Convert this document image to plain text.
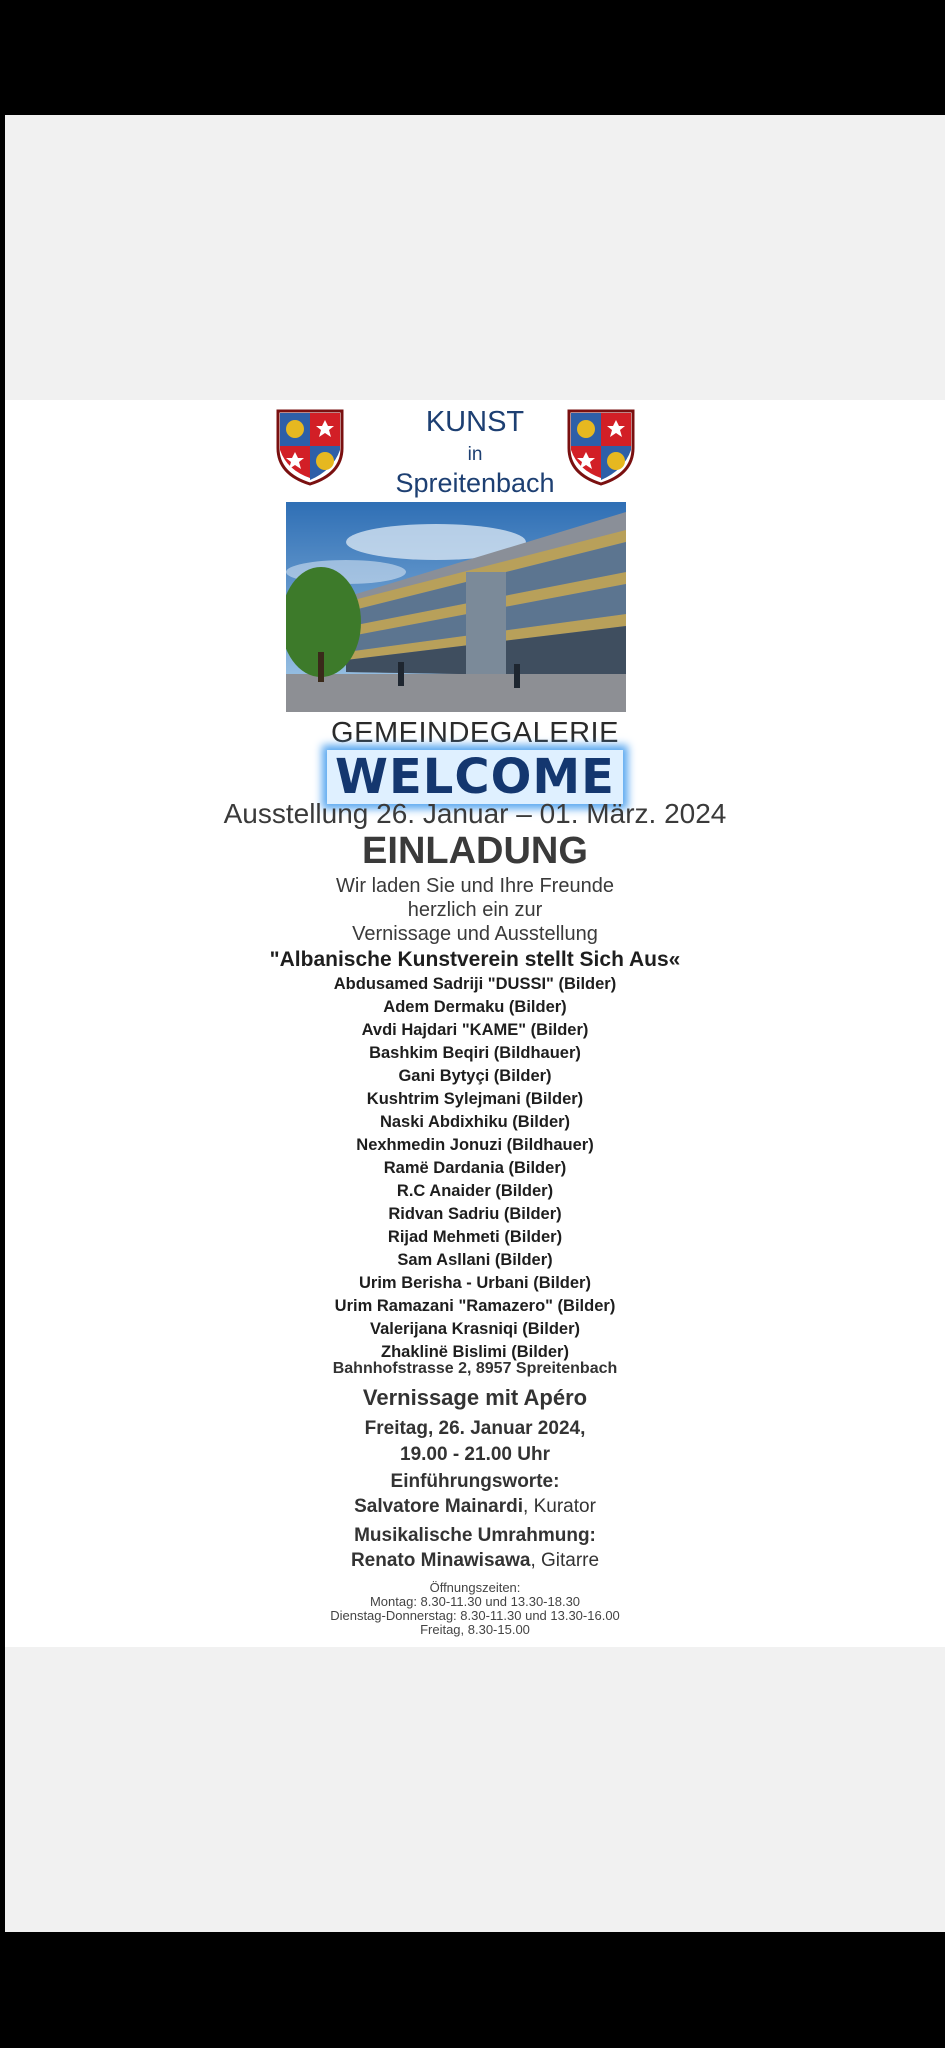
KUNST
in
Spreitenbach
GEMEINDEGALERIE
WELCOME
Ausstellung 26. Januar – 01. März. 2024
EINLADUNG
Wir laden Sie und Ihre Freunde
herzlich ein zur
Vernissage und Ausstellung
"Albanische Kunstverein stellt Sich Aus«
Abdusamed Sadriji "DUSSI" (Bilder)
Adem Dermaku (Bilder)
Avdi Hajdari "KAME" (Bilder)
Bashkim Beqiri (Bildhauer)
Gani Bytyçi (Bilder)
Kushtrim Sylejmani (Bilder)
Naski Abdixhiku (Bilder)
Nexhmedin Jonuzi (Bildhauer)
Ramë Dardania (Bilder)
R.C Anaider (Bilder)
Ridvan Sadriu (Bilder)
Rijad Mehmeti (Bilder)
Sam Asllani (Bilder)
Urim Berisha - Urbani (Bilder)
Urim Ramazani "Ramazero" (Bilder)
Valerijana Krasniqi (Bilder)
Zhaklinë Bislimi (Bilder)
Bahnhofstrasse 2, 8957 Spreitenbach
Vernissage mit Apéro
Freitag, 26. Januar 2024,
19.00 - 21.00 Uhr
Einführungsworte:
Salvatore Mainardi, Kurator
Musikalische Umrahmung:
Renato Minawisawa, Gitarre
Öffnungszeiten:
Montag: 8.30-11.30 und 13.30-18.30
Dienstag-Donnerstag: 8.30-11.30 und 13.30-16.00
Freitag, 8.30-15.00
